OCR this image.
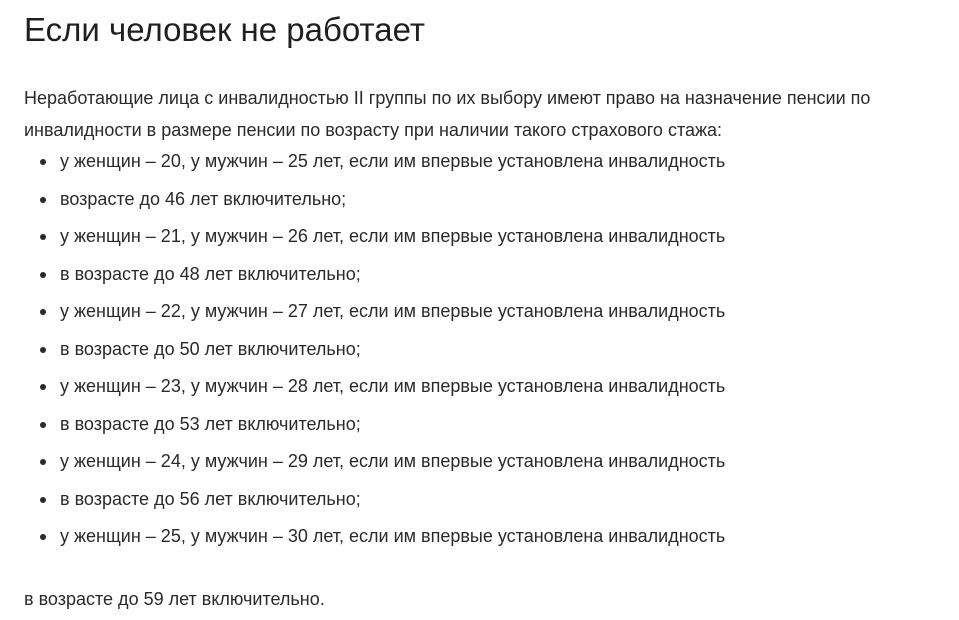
Если человек не работает

Неработающие лица с инвалидностью II группы по их выбору имеют право на назначение пенсии по инвалидности в размере пенсии по возрасту при наличии такого страхового стажа:

у женщин – 20, у мужчин – 25 лет, если им впервые установлена инвалидность
возрасте до 46 лет включительно;
у женщин – 21, у мужчин – 26 лет, если им впервые установлена инвалидность
в возрасте до 48 лет включительно;
у женщин – 22, у мужчин – 27 лет, если им впервые установлена инвалидность
в возрасте до 50 лет включительно;
у женщин – 23, у мужчин – 28 лет, если им впервые установлена инвалидность
в возрасте до 53 лет включительно;
у женщин – 24, у мужчин – 29 лет, если им впервые установлена инвалидность
в возрасте до 56 лет включительно;
у женщин – 25, у мужчин – 30 лет, если им впервые установлена инвалидность

в возрасте до 59 лет включительно.
